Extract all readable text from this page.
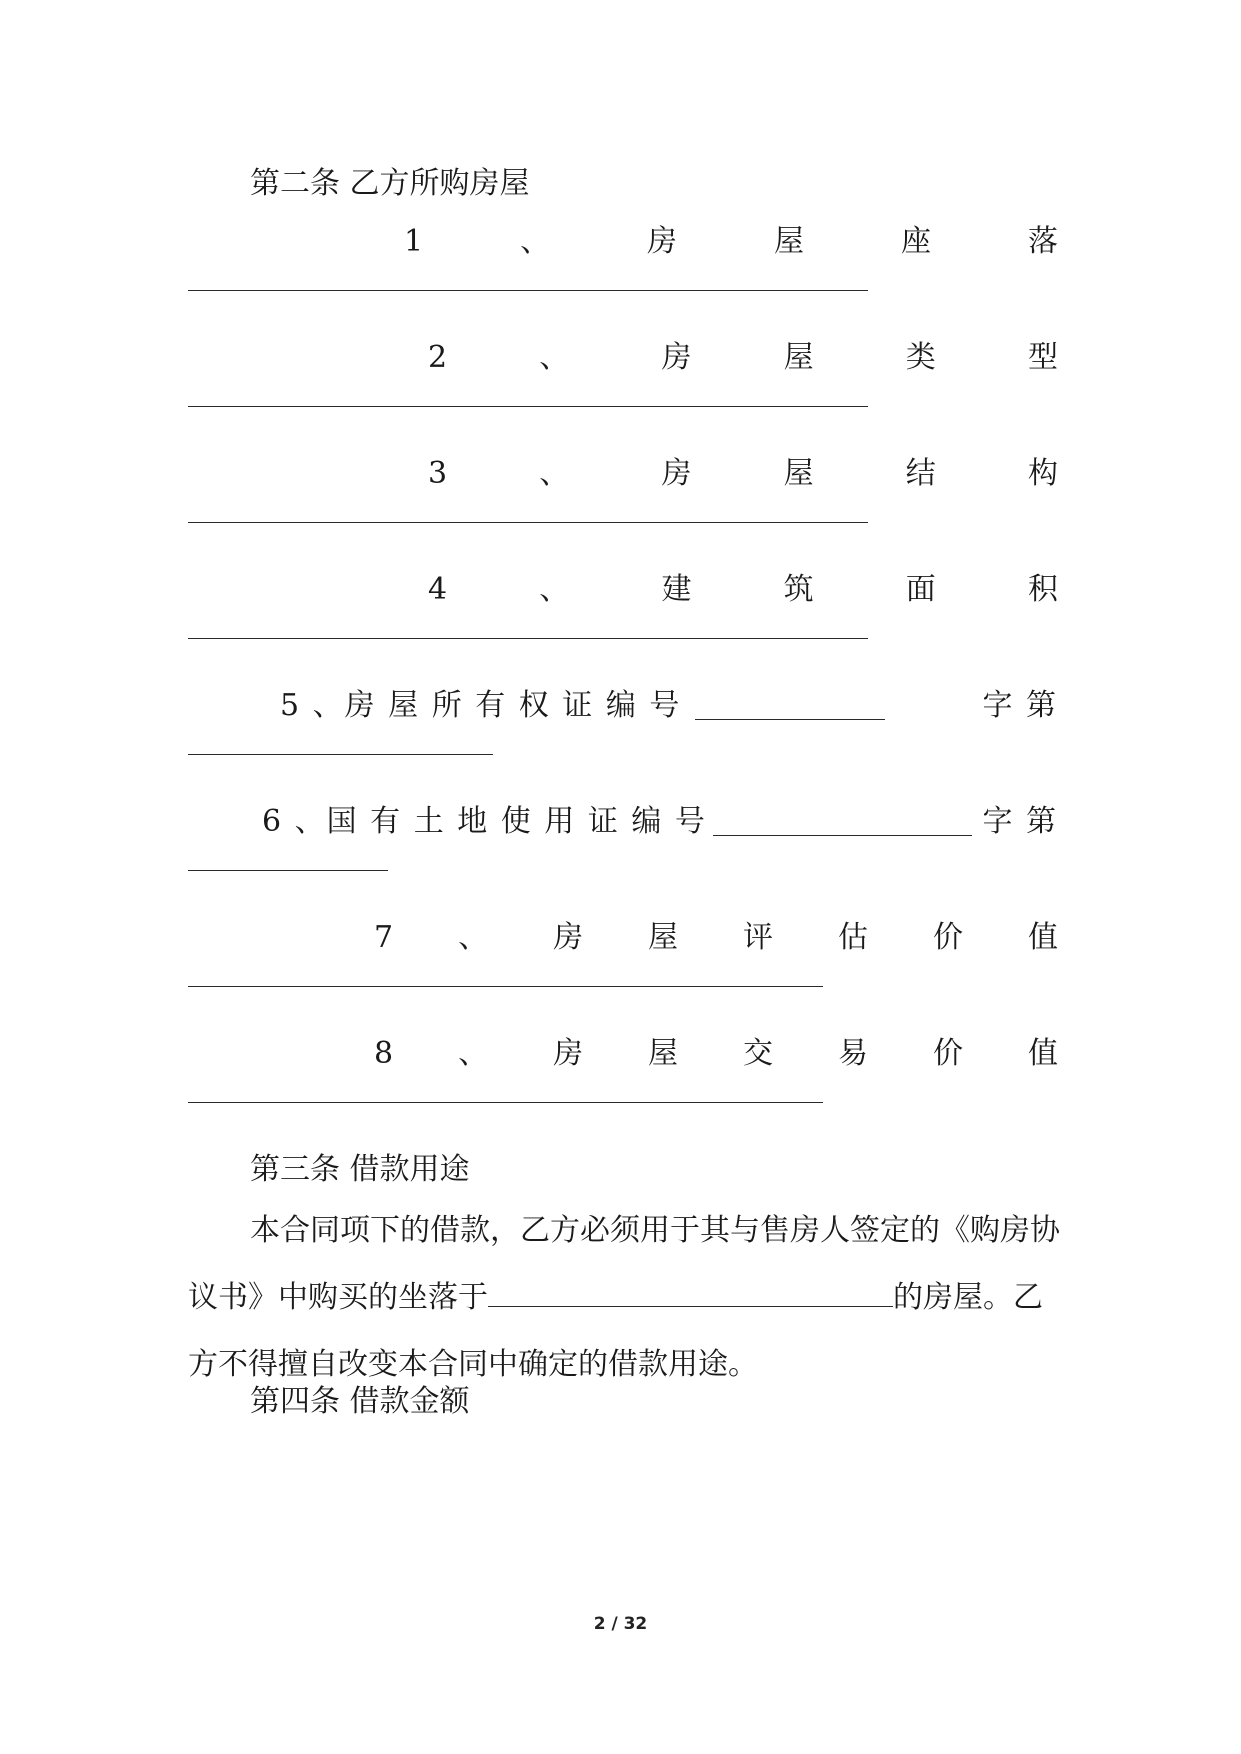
第二条 乙方所购房屋
1	、	房	屋	座	落
2	、	房	屋	类	型
3	、	房	屋	结	构
4	、	建	筑	面	积
5 、房 屋 所 有 权 证 编 号	字 第
6 、国 有 土 地 使 用 证 编 号	字 第
7 、 房 屋 评 估 价 值
8 、 房 屋 交 易 价 值
第三条 借款用途

本合同项下的借款，乙方必须用于其与售房人签定的《购房协议书》中购买的坐落于	的房屋。乙方不得擅自改变本合同中确定的借款用途。

第四条 借款金额
2 / 32
